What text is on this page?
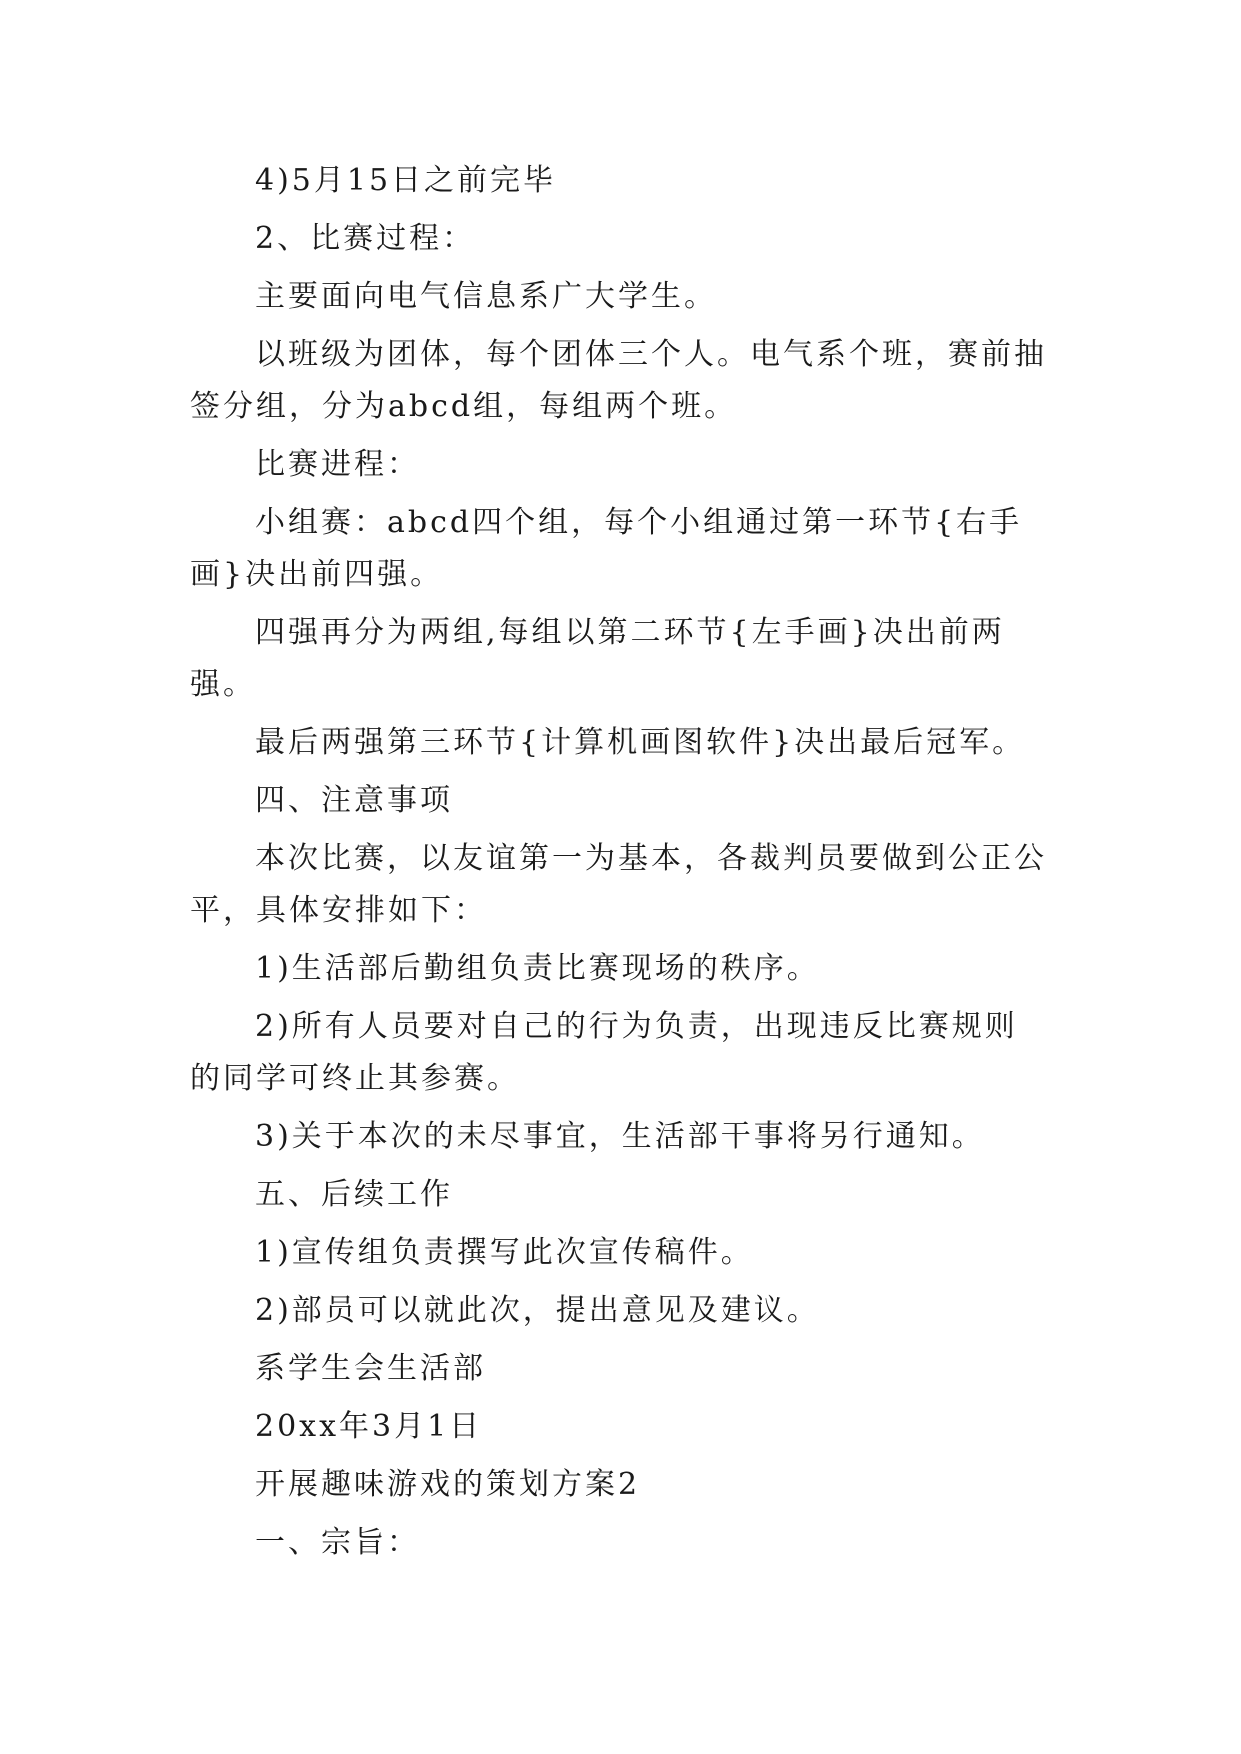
4)5月15日之前完毕

2、比赛过程：

主要面向电气信息系广大学生。

以班级为团体，每个团体三个人。电气系个班，赛前抽签分组，分为abcd组，每组两个班。

比赛进程：

小组赛：abcd四个组，每个小组通过第一环节{右手画}决出前四强。

四强再分为两组,每组以第二环节{左手画}决出前两强。

最后两强第三环节{计算机画图软件}决出最后冠军。

四、注意事项

本次比赛，以友谊第一为基本，各裁判员要做到公正公平，具体安排如下：

1)生活部后勤组负责比赛现场的秩序。

2)所有人员要对自己的行为负责，出现违反比赛规则的同学可终止其参赛。

3)关于本次的未尽事宜，生活部干事将另行通知。

五、后续工作

1)宣传组负责撰写此次宣传稿件。

2)部员可以就此次，提出意见及建议。

系学生会生活部

20xx年3月1日

开展趣味游戏的策划方案2

一、宗旨：
